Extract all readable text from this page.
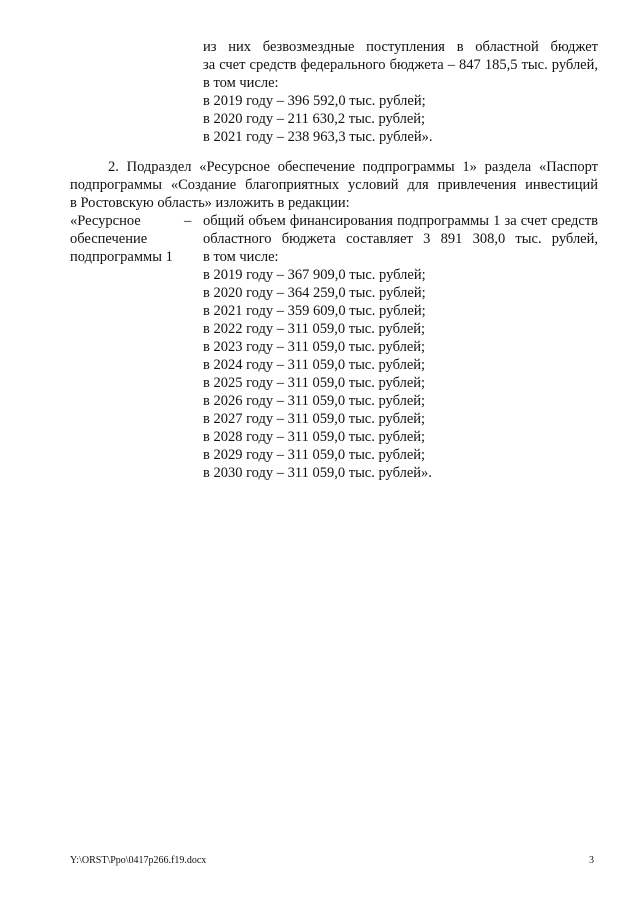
из них безвозмездные поступления в областной бюджет
за счет средств федерального бюджета – 847 185,5 тыс. рублей,
в том числе:
в 2019 году – 396 592,0 тыс. рублей;
в 2020 году – 211 630,2 тыс. рублей;
в 2021 году – 238 963,3 тыс. рублей».
2. Подраздел «Ресурсное обеспечение подпрограммы 1» раздела «Паспорт
подпрограммы «Создание благоприятных условий для привлечения инвестиций
в Ростовскую область» изложить в редакции:
«Ресурсное
обеспечение
подпрограммы 1
– общий объем финансирования подпрограммы 1 за счет средств
областного бюджета составляет 3 891 308,0 тыс. рублей,
в том числе:
в 2019 году – 367 909,0 тыс. рублей;
в 2020 году – 364 259,0 тыс. рублей;
в 2021 году – 359 609,0 тыс. рублей;
в 2022 году – 311 059,0 тыс. рублей;
в 2023 году – 311 059,0 тыс. рублей;
в 2024 году – 311 059,0 тыс. рублей;
в 2025 году – 311 059,0 тыс. рублей;
в 2026 году – 311 059,0 тыс. рублей;
в 2027 году – 311 059,0 тыс. рублей;
в 2028 году – 311 059,0 тыс. рублей;
в 2029 году – 311 059,0 тыс. рублей;
в 2030 году – 311 059,0 тыс. рублей».
Y:\ORST\Ppo\0417p266.f19.docx	3
